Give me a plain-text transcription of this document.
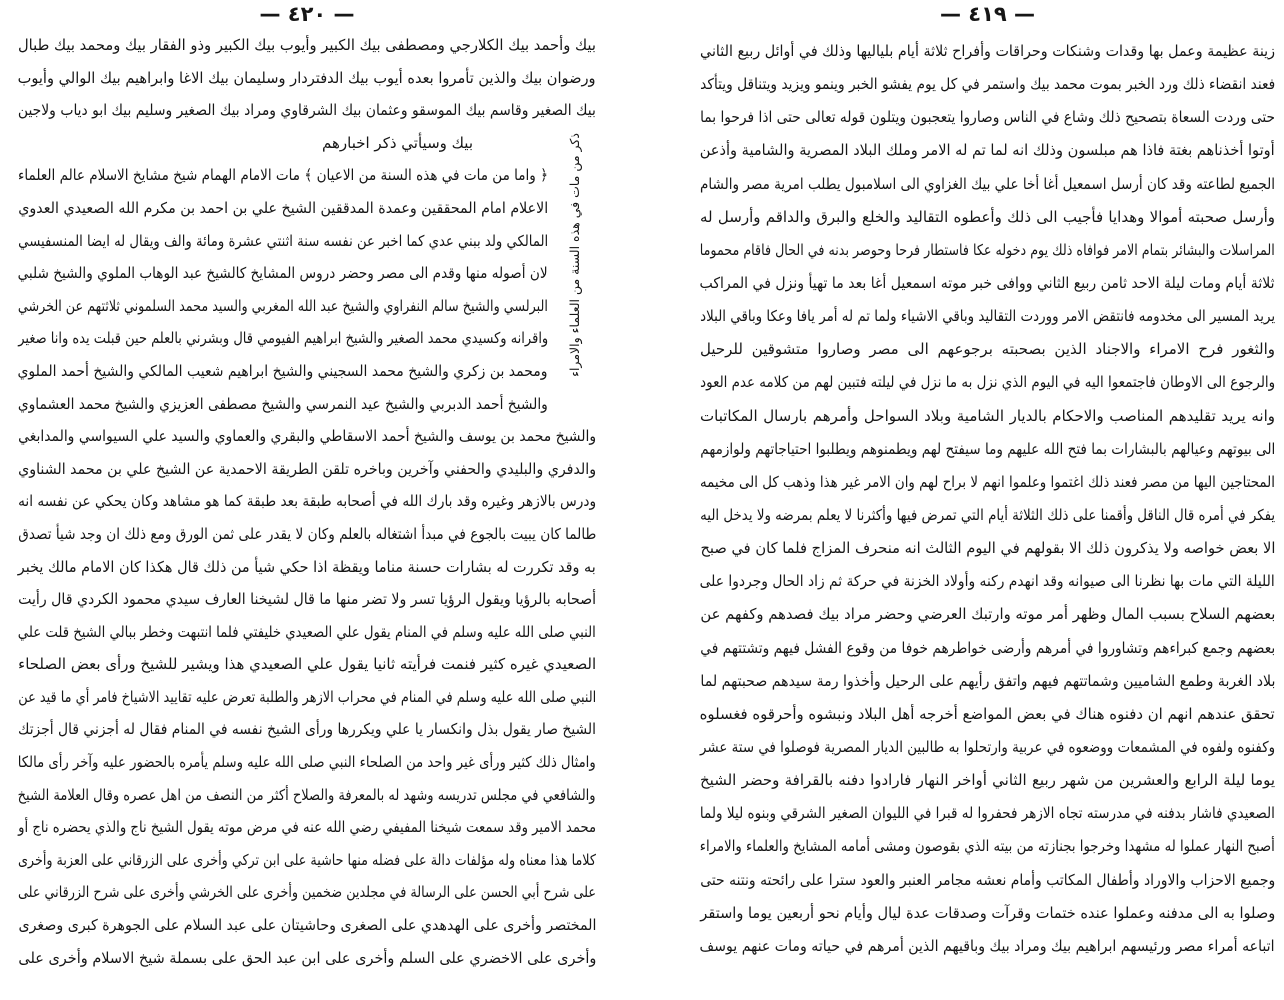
— ٤٢٠ —
بيك وأحمد بيك الكلارجي ومصطفى بيك الكبير وأيوب بيك الكبير وذو الفقار بيك ومحمد بيك طبال
ورضوان بيك والذين تأمروا بعده أيوب بيك الدفتردار وسليمان بيك الاغا وابراهيم بيك الوالي وأيوب
بيك الصغير وقاسم بيك الموسقو وعثمان بيك الشرقاوي ومراد بيك الصغير وسليم بيك ابو دياب ولاجين
بيك وسيأتي ذكر اخبارهم
﴿ واما من مات في هذه السنة من الاعيان ﴾ مات الامام الهمام شيخ مشايخ الاسلام عالم العلماء
الاعلام امام المحققين وعمدة المدققين الشيخ علي بن احمد بن مكرم الله الصعيدي العدوي
المالكي ولد ببني عدي كما اخبر عن نفسه سنة اثنتي عشرة ومائة والف ويقال له ايضا المنسفيسي
لان أصوله منها وقدم الى مصر وحضر دروس المشايخ كالشيخ عبد الوهاب الملوي والشيخ شلبي
البرلسي والشيخ سالم النفراوي والشيخ عبد الله المغربي والسيد محمد السلموني ثلاثتهم عن الخرشي
واقرانه وكسيدي محمد الصغير والشيخ ابراهيم الفيومي قال وبشرني بالعلم حين قبلت يده وانا صغير
ومحمد بن زكري والشيخ محمد السجيني والشيخ ابراهيم شعيب المالكي والشيخ أحمد الملوي
والشيخ أحمد الدبربي والشيخ عيد النمرسي والشيخ مصطفى العزيزي والشيخ محمد العشماوي
والشيخ محمد بن يوسف والشيخ أحمد الاسقاطي والبقري والعماوي والسيد علي السيواسي والمدابغي
والدفري والبليدي والحفني وآخرين وباخره تلقن الطريقة الاحمدية عن الشيخ علي بن محمد الشناوي
ودرس بالازهر وغيره وقد بارك الله في أصحابه طبقة بعد طبقة كما هو مشاهد وكان يحكي عن نفسه انه
طالما كان يبيت بالجوع في مبدأ اشتغاله بالعلم وكان لا يقدر على ثمن الورق ومع ذلك ان وجد شيأ تصدق
به وقد تكررت له بشارات حسنة مناما ويقظة اذا حكي شيأ من ذلك قال هكذا كان الامام مالك يخبر
أصحابه بالرؤيا ويقول الرؤيا تسر ولا تضر منها ما قال لشيخنا العارف سيدي محمود الكردي قال رأيت
النبي صلى الله عليه وسلم في المنام يقول علي الصعيدي خليفتي فلما انتبهت وخطر ببالي الشيخ قلت علي
الصعيدي غيره كثير فنمت فرأيته ثانيا يقول علي الصعيدي هذا ويشير للشيخ ورأى بعض الصلحاء
النبي صلى الله عليه وسلم في المنام في محراب الازهر والطلبة تعرض عليه تقاييد الاشياخ فامر أي ما قيد عن
الشيخ صار يقول بذل وانكسار يا علي ويكررها ورأى الشيخ نفسه في المنام فقال له أجزني قال أجزتك
وامثال ذلك كثير ورأى غير واحد من الصلحاء النبي صلى الله عليه وسلم يأمره بالحضور عليه وآخر رأى مالكا
والشافعي في مجلس تدريسه وشهد له بالمعرفة والصلاح أكثر من النصف من اهل عصره وقال العلامة الشيخ
محمد الامير وقد سمعت شيخنا المفيفي رضي الله عنه في مرض موته يقول الشيخ ناج والذي يحضره ناج أو
كلاما هذا معناه وله مؤلفات دالة على فضله منها حاشية على ابن تركي وأخرى على الزرقاني على العزبة وأخرى
على شرح أبي الحسن على الرسالة في مجلدين ضخمين وأخرى على الخرشي وأخرى على شرح الزرقاني على
المختصر وأخرى على الهدهدي على الصغرى وحاشيتان على عبد السلام على الجوهرة كبرى وصغرى
وأخرى على الاخضري على السلم وأخرى على ابن عبد الحق على بسملة شيخ الاسلام وأخرى على
ذكر من مات في هذه السنة من العلماء والامراء
— ٤١٩ —
زينة عظيمة وعمل بها وقدات وشنكات وحراقات وأفراح ثلاثة أيام بلياليها وذلك في أوائل ربيع الثاني
فعند انقضاء ذلك ورد الخبر بموت محمد بيك واستمر في كل يوم يفشو الخبر وينمو ويزيد ويتناقل ويتأكد
حتى وردت السعاة بتصحيح ذلك وشاع في الناس وصاروا يتعجبون ويتلون قوله تعالى حتى اذا فرحوا بما
أوتوا أخذناهم بغتة فاذا هم مبلسون وذلك انه لما تم له الامر وملك البلاد المصرية والشامية وأذعن
الجميع لطاعته وقد كان أرسل اسمعيل أغا أخا علي بيك الغزاوي الى اسلامبول يطلب امرية مصر والشام
وأرسل صحبته أموالا وهدايا فأجيب الى ذلك وأعطوه التقاليد والخلع والبرق والداقم وأرسل له
المراسلات والبشائر بتمام الامر فوافاه ذلك يوم دخوله عكا فاستطار فرحا وحوصر بدنه في الحال فاقام محموما
ثلاثة أيام ومات ليلة الاحد ثامن ربيع الثاني ووافى خبر موته اسمعيل أغا بعد ما تهيأ ونزل في المراكب
يريد المسير الى مخدومه فانتقض الامر ووردت التقاليد وباقي الاشياء ولما تم له أمر يافا وعكا وباقي البلاد
والثغور فرح الامراء والاجناد الذين بصحبته برجوعهم الى مصر وصاروا متشوقين للرحيل
والرجوع الى الاوطان فاجتمعوا اليه في اليوم الذي نزل به ما نزل في ليلته فتبين لهم من كلامه عدم العود
وانه يريد تقليدهم المناصب والاحكام بالديار الشامية وبلاد السواحل وأمرهم بارسال المكاتبات
الى بيوتهم وعيالهم بالبشارات بما فتح الله عليهم وما سيفتح لهم ويطمنوهم ويطلبوا احتياجاتهم ولوازمهم
المحتاجين اليها من مصر فعند ذلك اغتموا وعلموا انهم لا براح لهم وان الامر غير هذا وذهب كل الى مخيمه
يفكر في أمره قال الناقل وأقمنا على ذلك الثلاثة أيام التي تمرض فيها وأكثرنا لا يعلم بمرضه ولا يدخل اليه
الا بعض خواصه ولا يذكرون ذلك الا بقولهم في اليوم الثالث انه منحرف المزاج فلما كان في صبح
الليلة التي مات بها نظرنا الى صيوانه وقد انهدم ركنه وأولاد الخزنة في حركة ثم زاد الحال وجردوا على
بعضهم السلاح بسبب المال وظهر أمر موته وارتبك العرضي وحضر مراد بيك فصدهم وكفهم عن
بعضهم وجمع كبراءهم وتشاوروا في أمرهم وأرضى خواطرهم خوفا من وقوع الفشل فيهم وتشتتهم في
بلاد الغربة وطمع الشاميين وشماتتهم فيهم واتفق رأيهم على الرحيل وأخذوا رمة سيدهم صحبتهم لما
تحقق عندهم انهم ان دفنوه هناك في بعض المواضع أخرجه أهل البلاد ونبشوه وأحرقوه فغسلوه
وكفنوه ولفوه في المشمعات ووضعوه في عربية وارتحلوا به طالبين الديار المصرية فوصلوا في ستة عشر
يوما ليلة الرابع والعشرين من شهر ربيع الثاني أواخر النهار فارادوا دفنه بالقرافة وحضر الشيخ
الصعيدي فاشار بدفنه في مدرسته تجاه الازهر فحفروا له قبرا في الليوان الصغير الشرقي وبنوه ليلا ولما
أصبح النهار عملوا له مشهدا وخرجوا بجنازته من بيته الذي بقوصون ومشى أمامه المشايخ والعلماء والامراء
وجميع الاحزاب والاوراد وأطفال المكاتب وأمام نعشه مجامر العنبر والعود سترا على رائحته ونتنه حتى
وصلوا به الى مدفنه وعملوا عنده ختمات وقرآت وصدقات عدة ليال وأيام نحو أربعين يوما واستقر
اتباعه أمراء مصر ورئيسهم ابراهيم بيك ومراد بيك وباقيهم الذين أمرهم في حياته ومات عنهم يوسف
